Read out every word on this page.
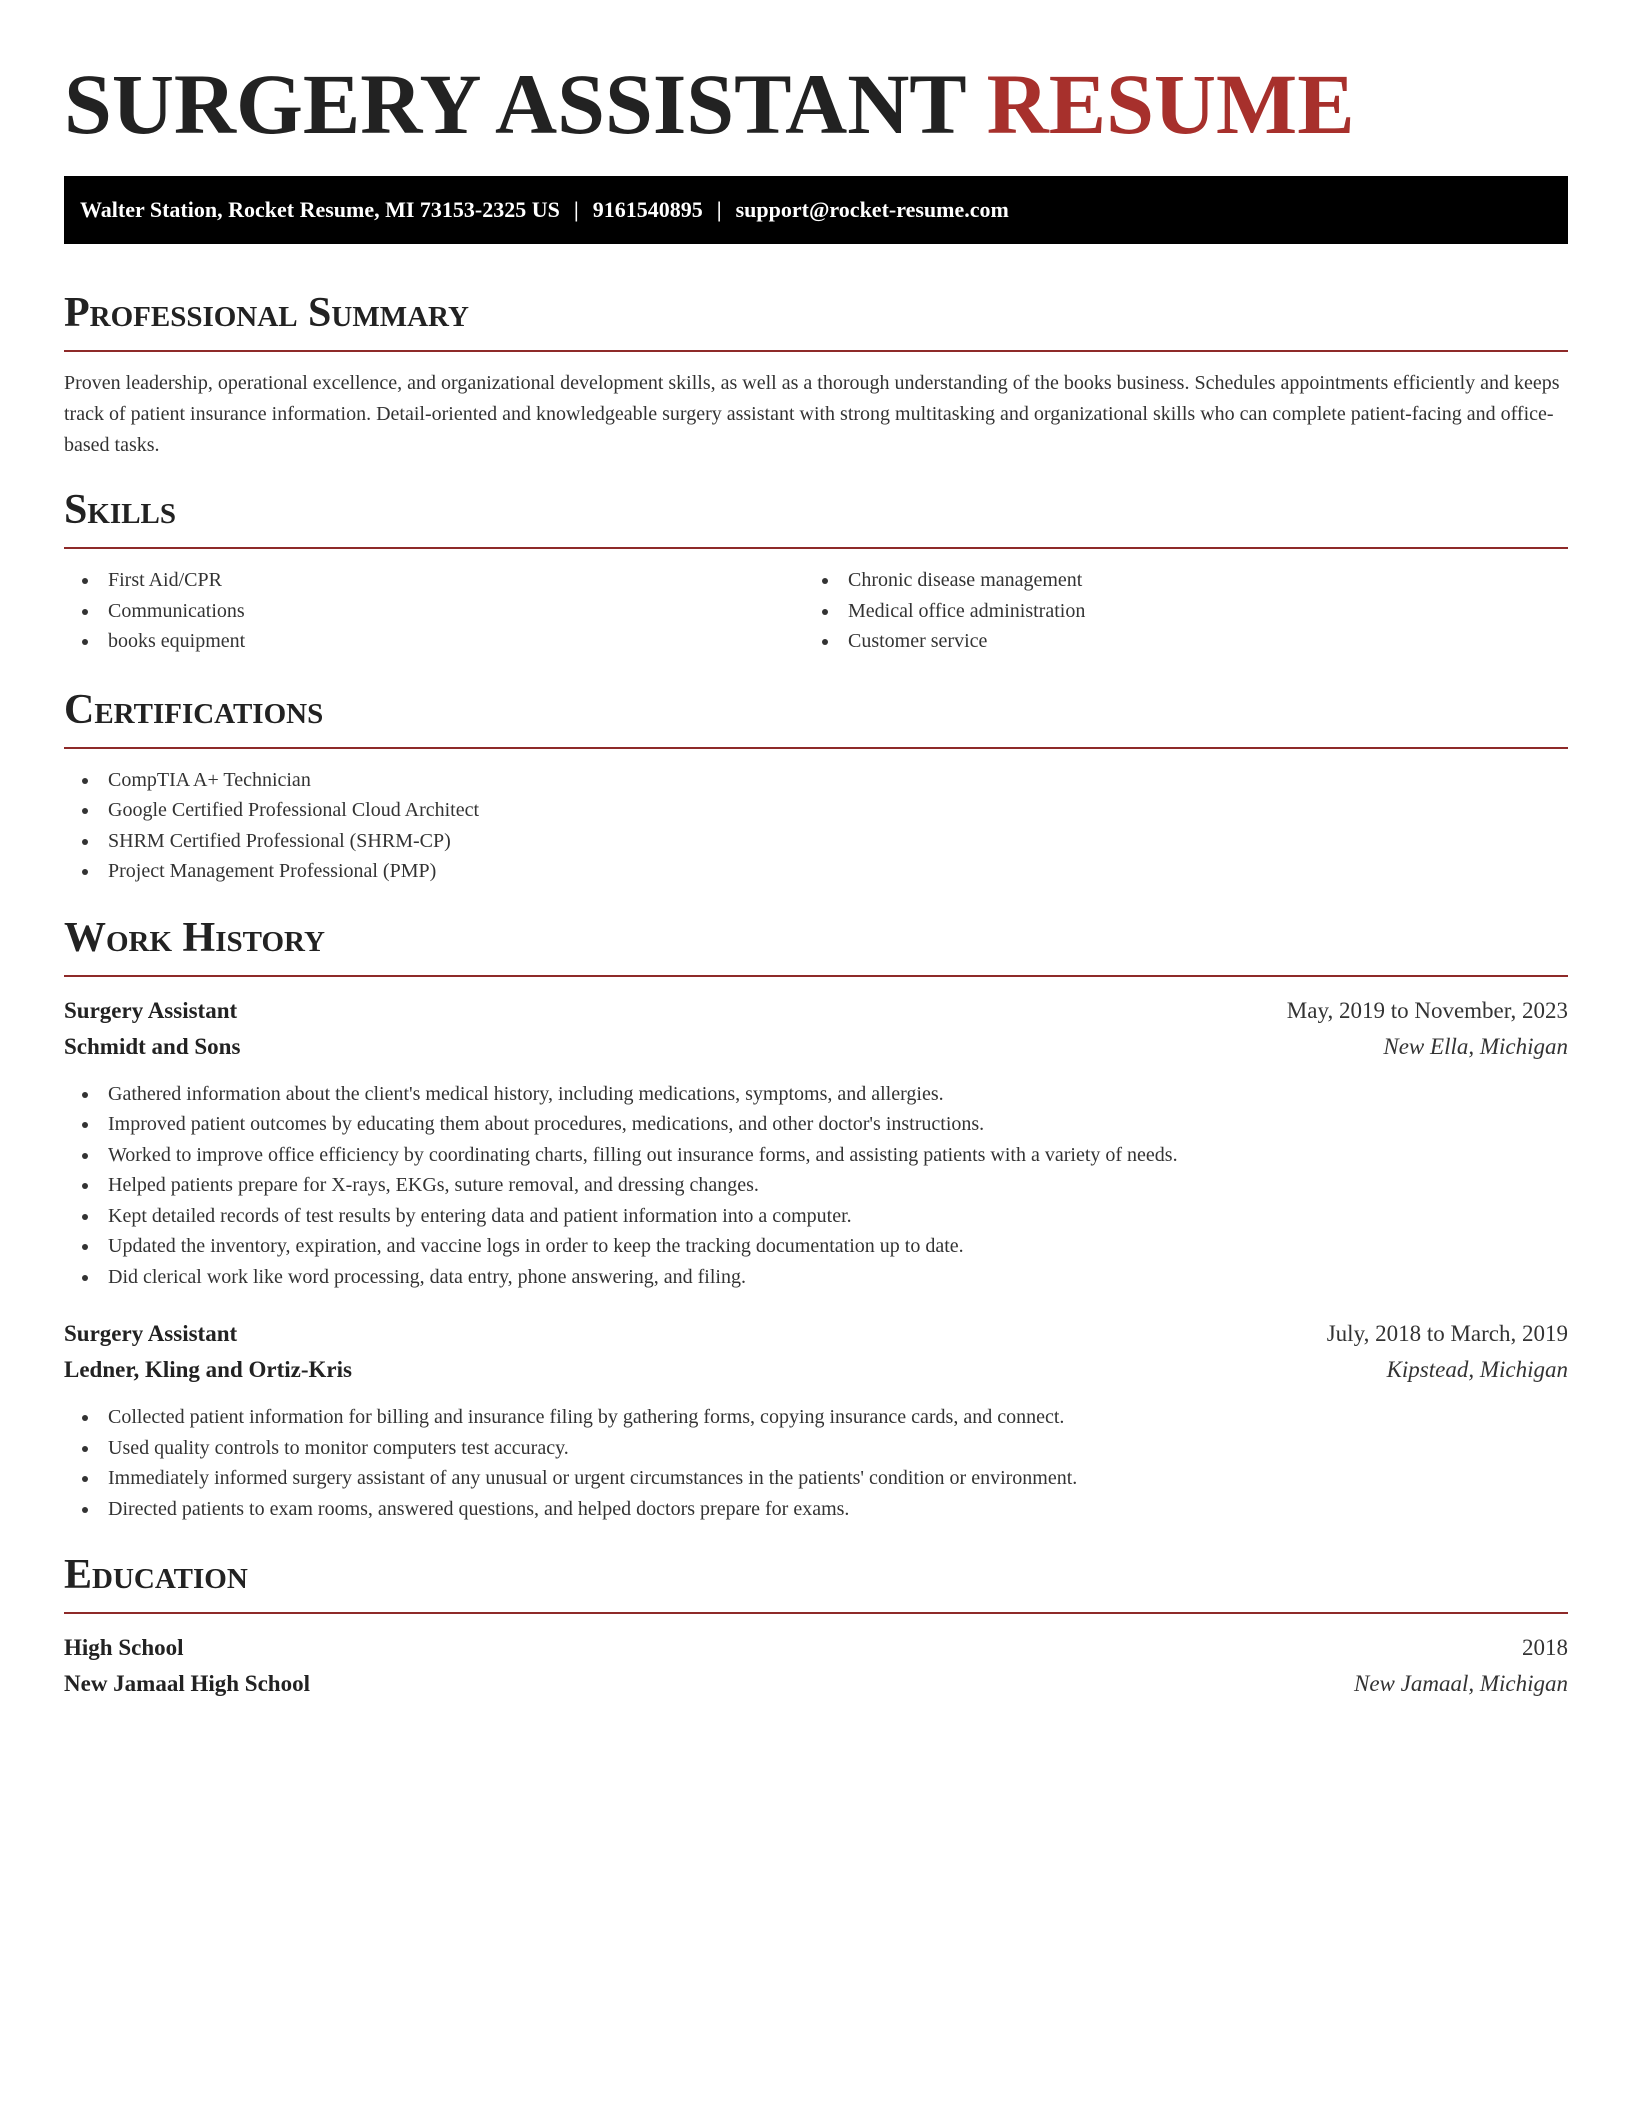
SURGERY ASSISTANT RESUME
Walter Station, Rocket Resume, MI 73153-2325 US | 9161540895 | support@rocket-resume.com
Professional Summary
Proven leadership, operational excellence, and organizational development skills, as well as a thorough understanding of the books business. Schedules appointments efficiently and keeps track of patient insurance information. Detail-oriented and knowledgeable surgery assistant with strong multitasking and organizational skills who can complete patient-facing and office-based tasks.
Skills
First Aid/CPR
Communications
books equipment
Chronic disease management
Medical office administration
Customer service
Certifications
CompTIA A+ Technician
Google Certified Professional Cloud Architect
SHRM Certified Professional (SHRM-CP)
Project Management Professional (PMP)
Work History
Surgery Assistant	May, 2019 to November, 2023
Schmidt and Sons	New Ella, Michigan
Gathered information about the client's medical history, including medications, symptoms, and allergies.
Improved patient outcomes by educating them about procedures, medications, and other doctor's instructions.
Worked to improve office efficiency by coordinating charts, filling out insurance forms, and assisting patients with a variety of needs.
Helped patients prepare for X-rays, EKGs, suture removal, and dressing changes.
Kept detailed records of test results by entering data and patient information into a computer.
Updated the inventory, expiration, and vaccine logs in order to keep the tracking documentation up to date.
Did clerical work like word processing, data entry, phone answering, and filing.
Surgery Assistant	July, 2018 to March, 2019
Ledner, Kling and Ortiz-Kris	Kipstead, Michigan
Collected patient information for billing and insurance filing by gathering forms, copying insurance cards, and connect.
Used quality controls to monitor computers test accuracy.
Immediately informed surgery assistant of any unusual or urgent circumstances in the patients' condition or environment.
Directed patients to exam rooms, answered questions, and helped doctors prepare for exams.
Education
High School	2018
New Jamaal High School	New Jamaal, Michigan
